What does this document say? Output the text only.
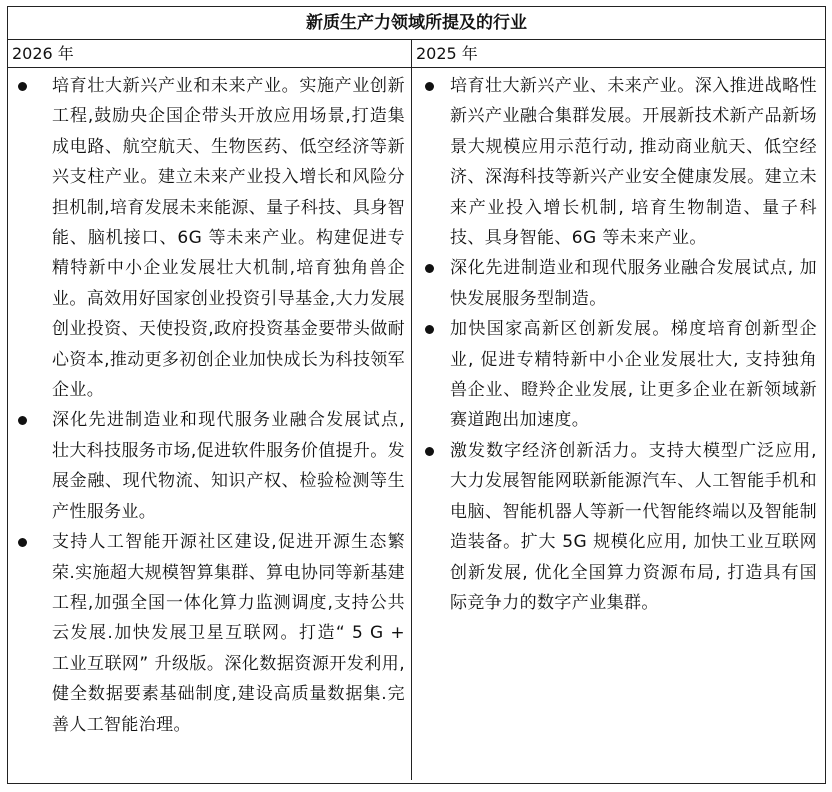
新质生产力领域所提及的行业
2026 年	2025 年
培育壮大新兴产业和未来产业。实施产业创新工程,鼓励央企国企带头开放应用场景,打造集成电路、航空航天、生物医药、低空经济等新兴支柱产业。建立未来产业投入增长和风险分担机制,培育发展未来能源、量子科技、具身智能、脑机接口、6G 等未来产业。构建促进专精特新中小企业发展壮大机制,培育独角兽企业。高效用好国家创业投资引导基金,大力发展创业投资、天使投资,政府投资基金要带头做耐心资本,推动更多初创企业加快成长为科技领军企业。
深化先进制造业和现代服务业融合发展试点, 壮大科技服务市场,促进软件服务价值提升。发展金融、现代物流、知识产权、检验检测等生产性服务业。
支持人工智能开源社区建设,促进开源生态繁荣.实施超大规模智算集群、算电协同等新基建工程,加强全国一体化算力监测调度,支持公共云发展.加快发展卫星互联网。打造“ 5 G + 工业互联网” 升级版。深化数据资源开发利用,健全数据要素基础制度,建设高质量数据集.完善人工智能治理。
培育壮大新兴产业、未来产业。深入推进战略性新兴产业融合集群发展。开展新技术新产品新场景大规模应用示范行动, 推动商业航天、低空经济、深海科技等新兴产业安全健康发展。建立未来产业投入增长机制, 培育生物制造、量子科技、具身智能、6G 等未来产业。
深化先进制造业和现代服务业融合发展试点, 加快发展服务型制造。
加快国家高新区创新发展。梯度培育创新型企业, 促进专精特新中小企业发展壮大, 支持独角兽企业、瞪羚企业发展, 让更多企业在新领域新赛道跑出加速度。
激发数字经济创新活力。支持大模型广泛应用, 大力发展智能网联新能源汽车、人工智能手机和电脑、智能机器人等新一代智能终端以及智能制造装备。扩大 5G 规模化应用, 加快工业互联网创新发展, 优化全国算力资源布局, 打造具有国际竞争力的数字产业集群。
